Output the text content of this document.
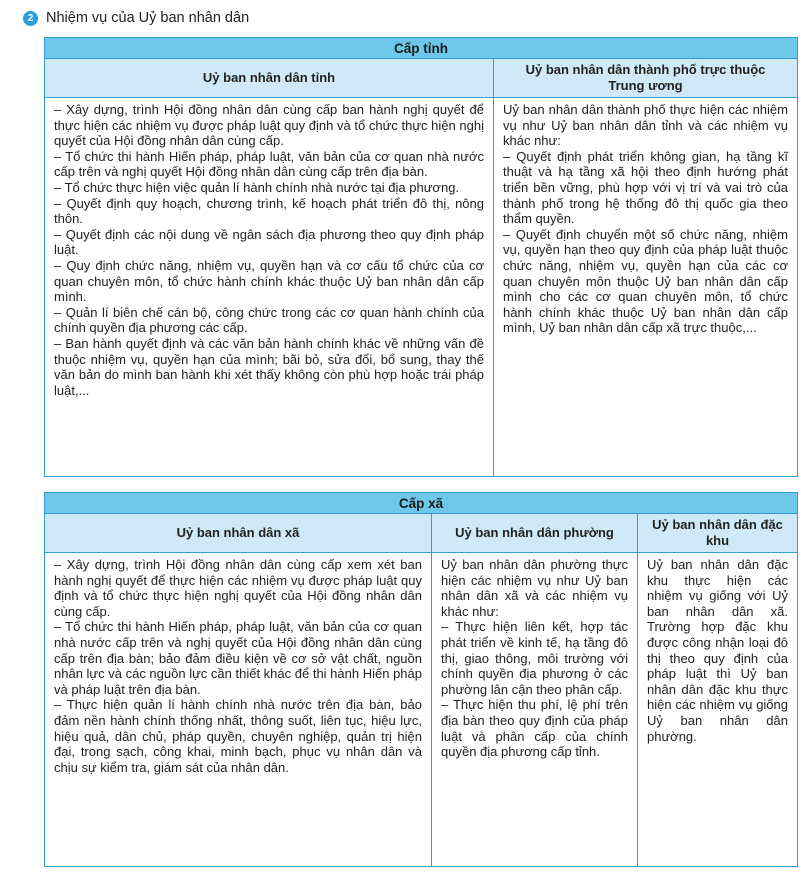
2 Nhiệm vụ của Uỷ ban nhân dân
Cấp tỉnh
Uỷ ban nhân dân tỉnh
Uỷ ban nhân dân thành phố trực thuộc Trung ương
– Xây dựng, trình Hội đồng nhân dân cùng cấp ban hành nghị quyết để thực hiện các nhiệm vụ được pháp luật quy định và tổ chức thực hiện nghị quyết của Hội đồng nhân dân cùng cấp.
– Tổ chức thi hành Hiến pháp, pháp luật, văn bản của cơ quan nhà nước cấp trên và nghị quyết Hội đồng nhân dân cùng cấp trên địa bàn.
– Tổ chức thực hiện việc quản lí hành chính nhà nước tại địa phương.
– Quyết định quy hoạch, chương trình, kế hoạch phát triển đô thị, nông thôn.
– Quyết định các nội dung về ngân sách địa phương theo quy định pháp luật.
– Quy định chức năng, nhiệm vụ, quyền hạn và cơ cấu tổ chức của cơ quan chuyên môn, tổ chức hành chính khác thuộc Uỷ ban nhân dân cấp mình.
– Quản lí biên chế cán bộ, công chức trong các cơ quan hành chính của chính quyền địa phương các cấp.
– Ban hành quyết định và các văn bản hành chính khác về những vấn đề thuộc nhiệm vụ, quyền hạn của mình; bãi bỏ, sửa đổi, bổ sung, thay thế văn bản do mình ban hành khi xét thấy không còn phù hợp hoặc trái pháp luật,...
Uỷ ban nhân dân thành phố thực hiện các nhiệm vụ như Uỷ ban nhân dân tỉnh và các nhiệm vụ khác như:
– Quyết định phát triển không gian, hạ tầng kĩ thuật và hạ tầng xã hội theo định hướng phát triển bền vững, phù hợp với vị trí và vai trò của thành phố trong hệ thống đô thị quốc gia theo thẩm quyền.
– Quyết định chuyển một số chức năng, nhiệm vụ, quyền hạn theo quy định của pháp luật thuộc chức năng, nhiệm vụ, quyền hạn của các cơ quan chuyên môn thuộc Uỷ ban nhân dân cấp mình cho các cơ quan chuyên môn, tổ chức hành chính khác thuộc Uỷ ban nhân dân cấp mình, Uỷ ban nhân dân cấp xã trực thuộc,...
Cấp xã
Uỷ ban nhân dân xã	Uỷ ban nhân dân phường
Uỷ ban nhân dân đặc khu
– Xây dựng, trình Hội đồng nhân dân cùng cấp xem xét ban hành nghị quyết để thực hiện các nhiệm vụ được pháp luật quy định và tổ chức thực hiện nghị quyết của Hội đồng nhân dân cùng cấp.
– Tổ chức thi hành Hiến pháp, pháp luật, văn bản của cơ quan nhà nước cấp trên và nghị quyết của Hội đồng nhân dân cùng cấp trên địa bàn; bảo đảm điều kiện về cơ sở vật chất, nguồn nhân lực và các nguồn lực cần thiết khác để thi hành Hiến pháp và pháp luật trên địa bàn.
– Thực hiện quản lí hành chính nhà nước trên địa bàn, bảo đảm nền hành chính thống nhất, thông suốt, liên tục, hiệu lực, hiệu quả, dân chủ, pháp quyền, chuyên nghiệp, quản trị hiện đại, trong sạch, công khai, minh bạch, phục vụ nhân dân và chịu sự kiểm tra, giám sát của nhân dân.
Uỷ ban nhân dân phường thực hiện các nhiệm vụ như Uỷ ban nhân dân xã và các nhiệm vụ khác như:
– Thực hiện liên kết, hợp tác phát triển về kinh tế, hạ tầng đô thị, giao thông, môi trường với chính quyền địa phương ở các phường lân cận theo phân cấp.
– Thực hiện thu phí, lệ phí trên địa bàn theo quy định của pháp luật và phân cấp của chính quyền địa phương cấp tỉnh.
Uỷ ban nhân dân đặc khu thực hiện các nhiệm vụ giống với Uỷ ban nhân dân xã. Trường hợp đặc khu được công nhận loại đô thị theo quy định của pháp luật thì Uỷ ban nhân dân đặc khu thực hiện các nhiệm vụ giống Uỷ ban nhân dân phường.
